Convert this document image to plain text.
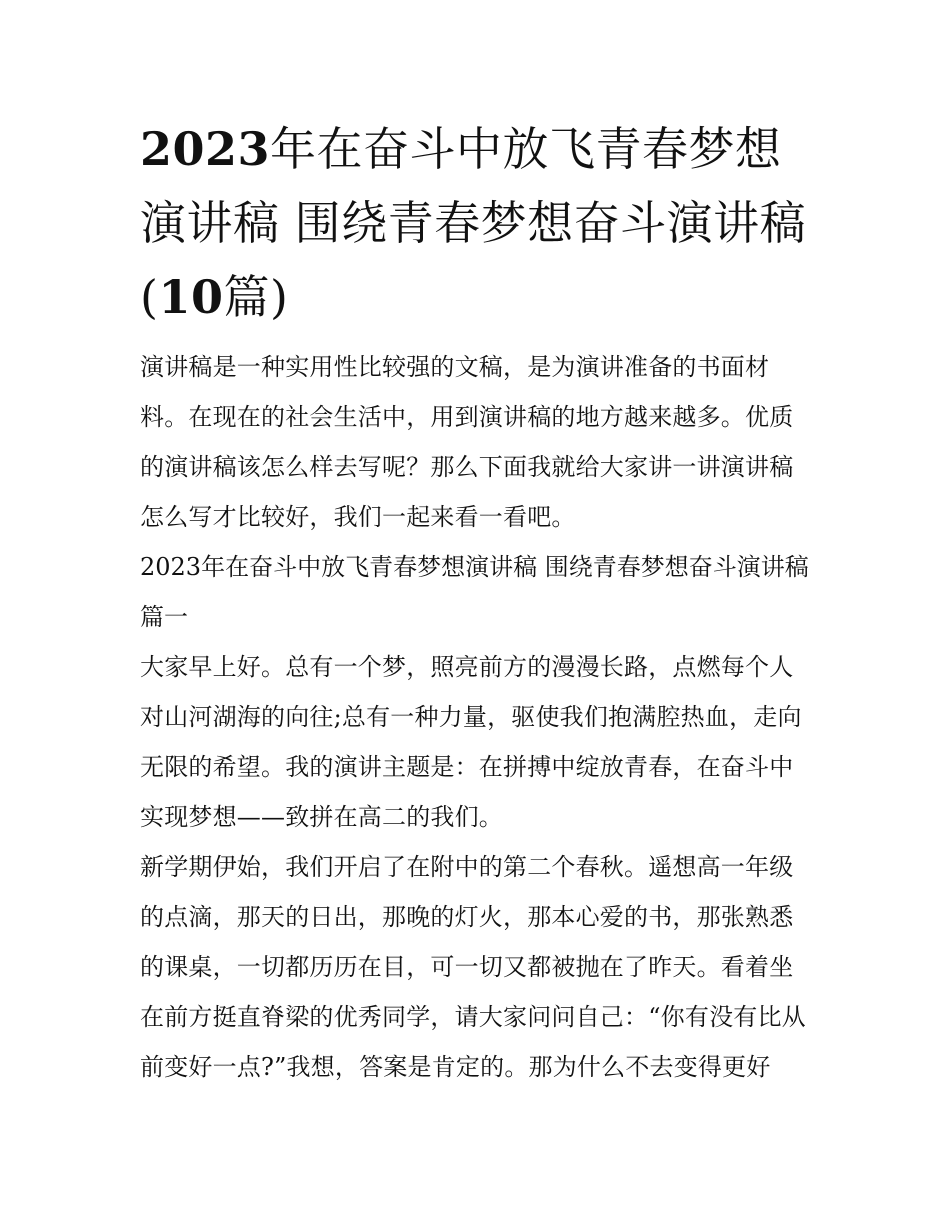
2023年在奋斗中放飞青春梦想演讲稿 围绕青春梦想奋斗演讲稿(10篇)

演讲稿是一种实用性比较强的文稿，是为演讲准备的书面材料。在现在的社会生活中，用到演讲稿的地方越来越多。优质的演讲稿该怎么样去写呢？那么下面我就给大家讲一讲演讲稿怎么写才比较好，我们一起来看一看吧。

2023年在奋斗中放飞青春梦想演讲稿 围绕青春梦想奋斗演讲稿篇一

大家早上好。总有一个梦，照亮前方的漫漫长路，点燃每个人对山河湖海的向往;总有一种力量，驱使我们抱满腔热血，走向无限的希望。我的演讲主题是：在拼搏中绽放青春，在奋斗中实现梦想——致拼在高二的我们。

新学期伊始，我们开启了在附中的第二个春秋。遥想高一年级的点滴，那天的日出，那晚的灯火，那本心爱的书，那张熟悉的课桌，一切都历历在目，可一切又都被抛在了昨天。看着坐在前方挺直脊梁的优秀同学，请大家问问自己：“你有没有比从前变好一点?”我想，答案是肯定的。那为什么不去变得更好
